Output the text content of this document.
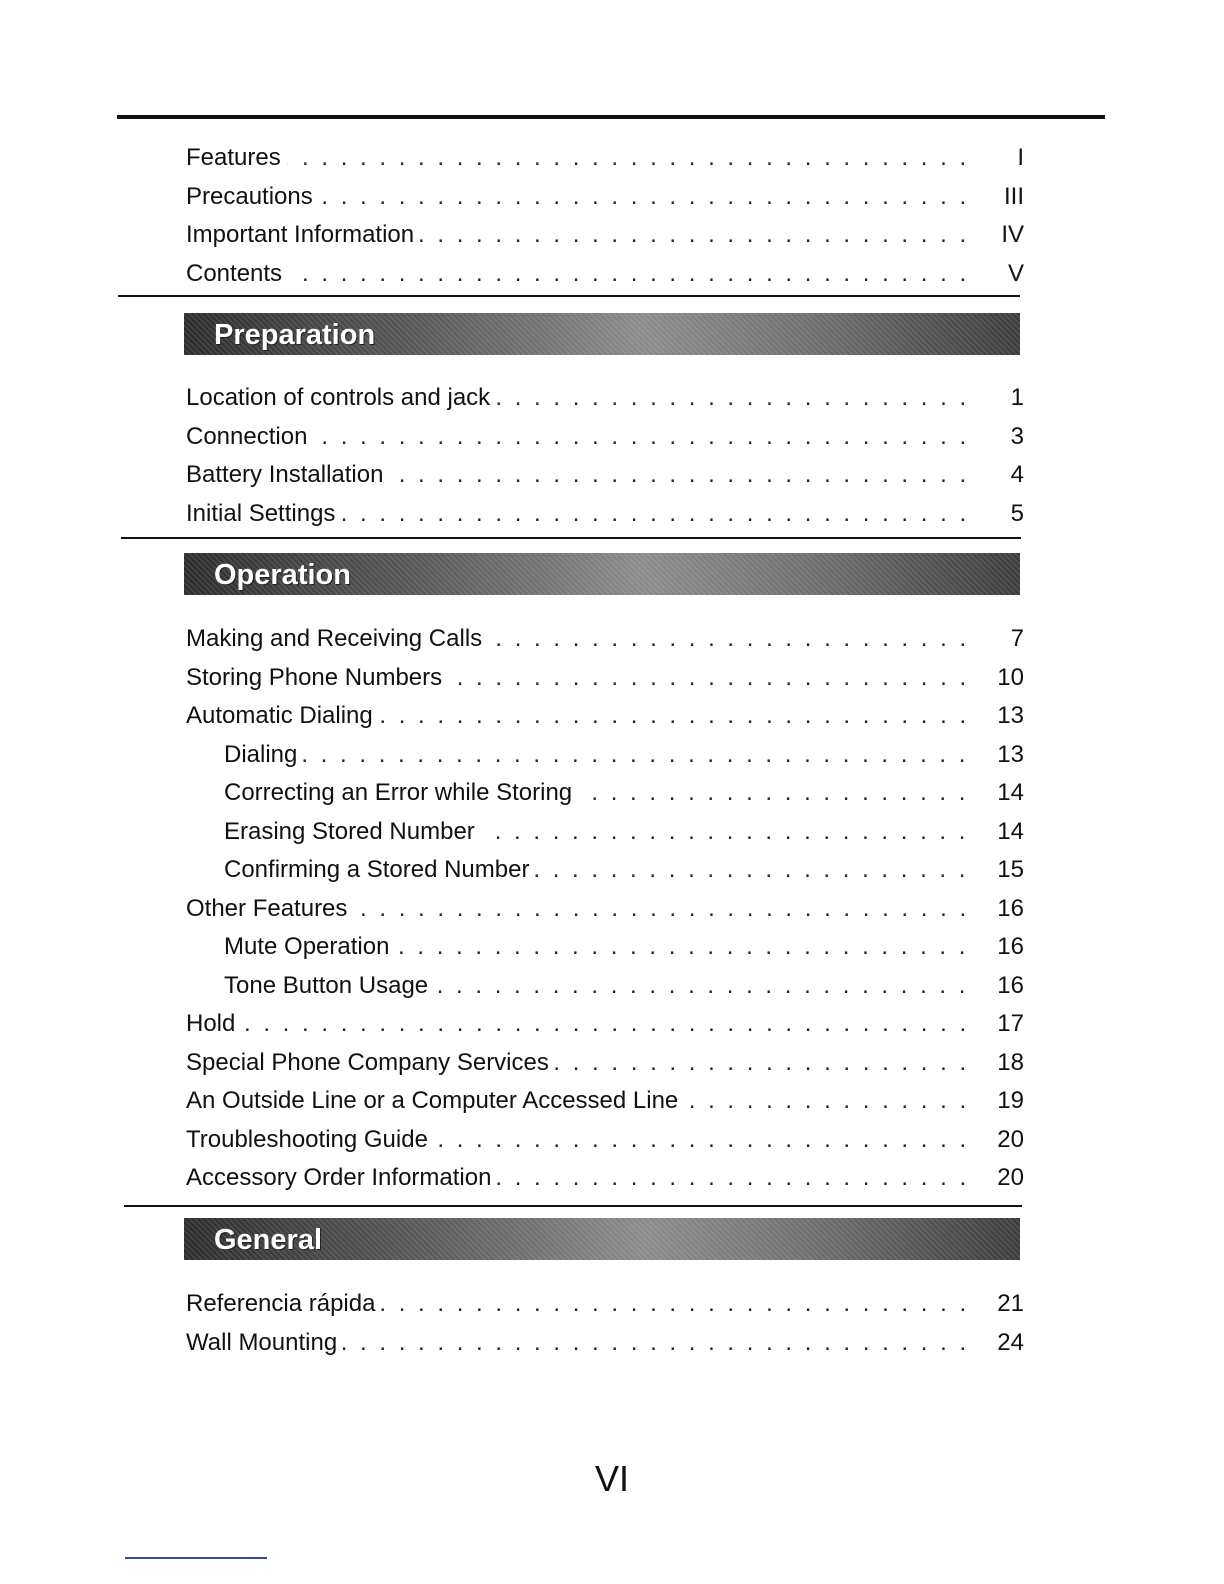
Features . . .	I
Precautions . . .	III
Important Information . . .	IV
Contents . . .	V
Preparation
Location of controls and jack . . .	1
Connection . . .	3
Battery Installation . . .	4
Initial Settings . . .	5
Operation
Making and Receiving Calls . . .	7
Storing Phone Numbers . . .	10
Automatic Dialing . . .	13
Dialing . . .	13
Correcting an Error while Storing . . .	14
Erasing Stored Number . . .	14
Confirming a Stored Number . . .	15
Other Features . . .	16
Mute Operation . . .	16
Tone Button Usage . . .	16
Hold . . .	17
Special Phone Company Services . . .	18
An Outside Line or a Computer Accessed Line . . .	19
Troubleshooting Guide . . .	20
Accessory Order Information . . .	20
General
Referencia rápida . . .	21
Wall Mounting . . .	24
VI
